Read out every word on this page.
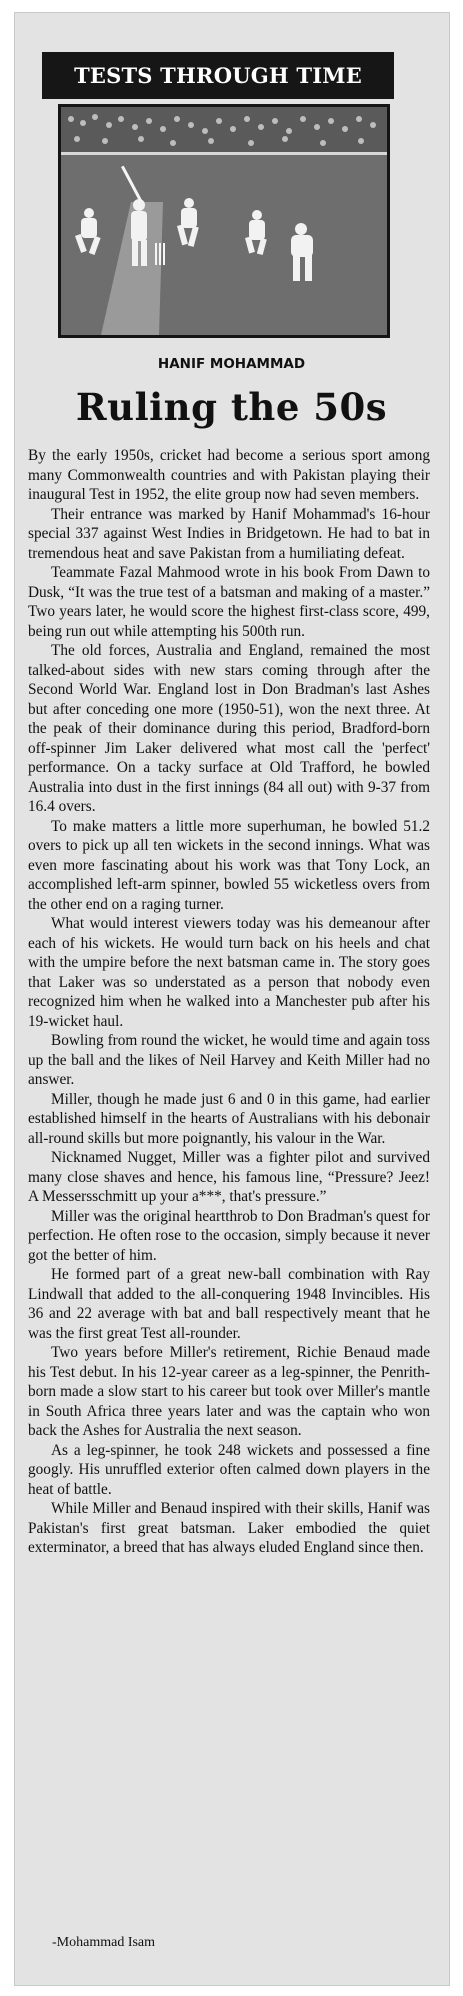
TESTS THROUGH TIME
HANIF MOHAMMAD
Ruling the 50s

By the early 1950s, cricket had become a serious sport among many Commonwealth countries and with Pakistan playing their inaugural Test in 1952, the elite group now had seven members.

Their entrance was marked by Hanif Mohammad's 16-hour special 337 against West Indies in Bridgetown. He had to bat in tremendous heat and save Pakistan from a humiliating defeat.

Teammate Fazal Mahmood wrote in his book From Dawn to Dusk, “It was the true test of a batsman and making of a master.” Two years later, he would score the highest first-class score, 499, being run out while attempting his 500th run.

The old forces, Australia and England, remained the most talked-about sides with new stars coming through after the Second World War. England lost in Don Bradman's last Ashes but after conceding one more (1950-51), won the next three. At the peak of their dominance during this period, Bradford-born off-spinner Jim Laker delivered what most call the 'perfect' performance. On a tacky surface at Old Trafford, he bowled Australia into dust in the first innings (84 all out) with 9-37 from 16.4 overs.

To make matters a little more superhuman, he bowled 51.2 overs to pick up all ten wickets in the second innings. What was even more fascinating about his work was that Tony Lock, an accomplished left-arm spinner, bowled 55 wicketless overs from the other end on a raging turner.

What would interest viewers today was his demeanour after each of his wickets. He would turn back on his heels and chat with the umpire before the next batsman came in. The story goes that Laker was so understated as a person that nobody even recognized him when he walked into a Manchester pub after his 19-wicket haul.

Bowling from round the wicket, he would time and again toss up the ball and the likes of Neil Harvey and Keith Miller had no answer.

Miller, though he made just 6 and 0 in this game, had earlier established himself in the hearts of Australians with his debonair all-round skills but more poignantly, his valour in the War.

Nicknamed Nugget, Miller was a fighter pilot and survived many close shaves and hence, his famous line, “Pressure? Jeez! A Messersschmitt up your a***, that's pressure.”

Miller was the original heartthrob to Don Bradman's quest for perfection. He often rose to the occasion, simply because it never got the better of him.

He formed part of a great new-ball combination with Ray Lindwall that added to the all-conquering 1948 Invincibles. His 36 and 22 average with bat and ball respectively meant that he was the first great Test all-rounder.

Two years before Miller's retirement, Richie Benaud made his Test debut. In his 12-year career as a leg-spinner, the Penrith-born made a slow start to his career but took over Miller's mantle in South Africa three years later and was the captain who won back the Ashes for Australia the next season.

As a leg-spinner, he took 248 wickets and possessed a fine googly. His unruffled exterior often calmed down players in the heat of battle.

While Miller and Benaud inspired with their skills, Hanif was Pakistan's first great batsman. Laker embodied the quiet exterminator, a breed that has always eluded England since then.

-Mohammad Isam
